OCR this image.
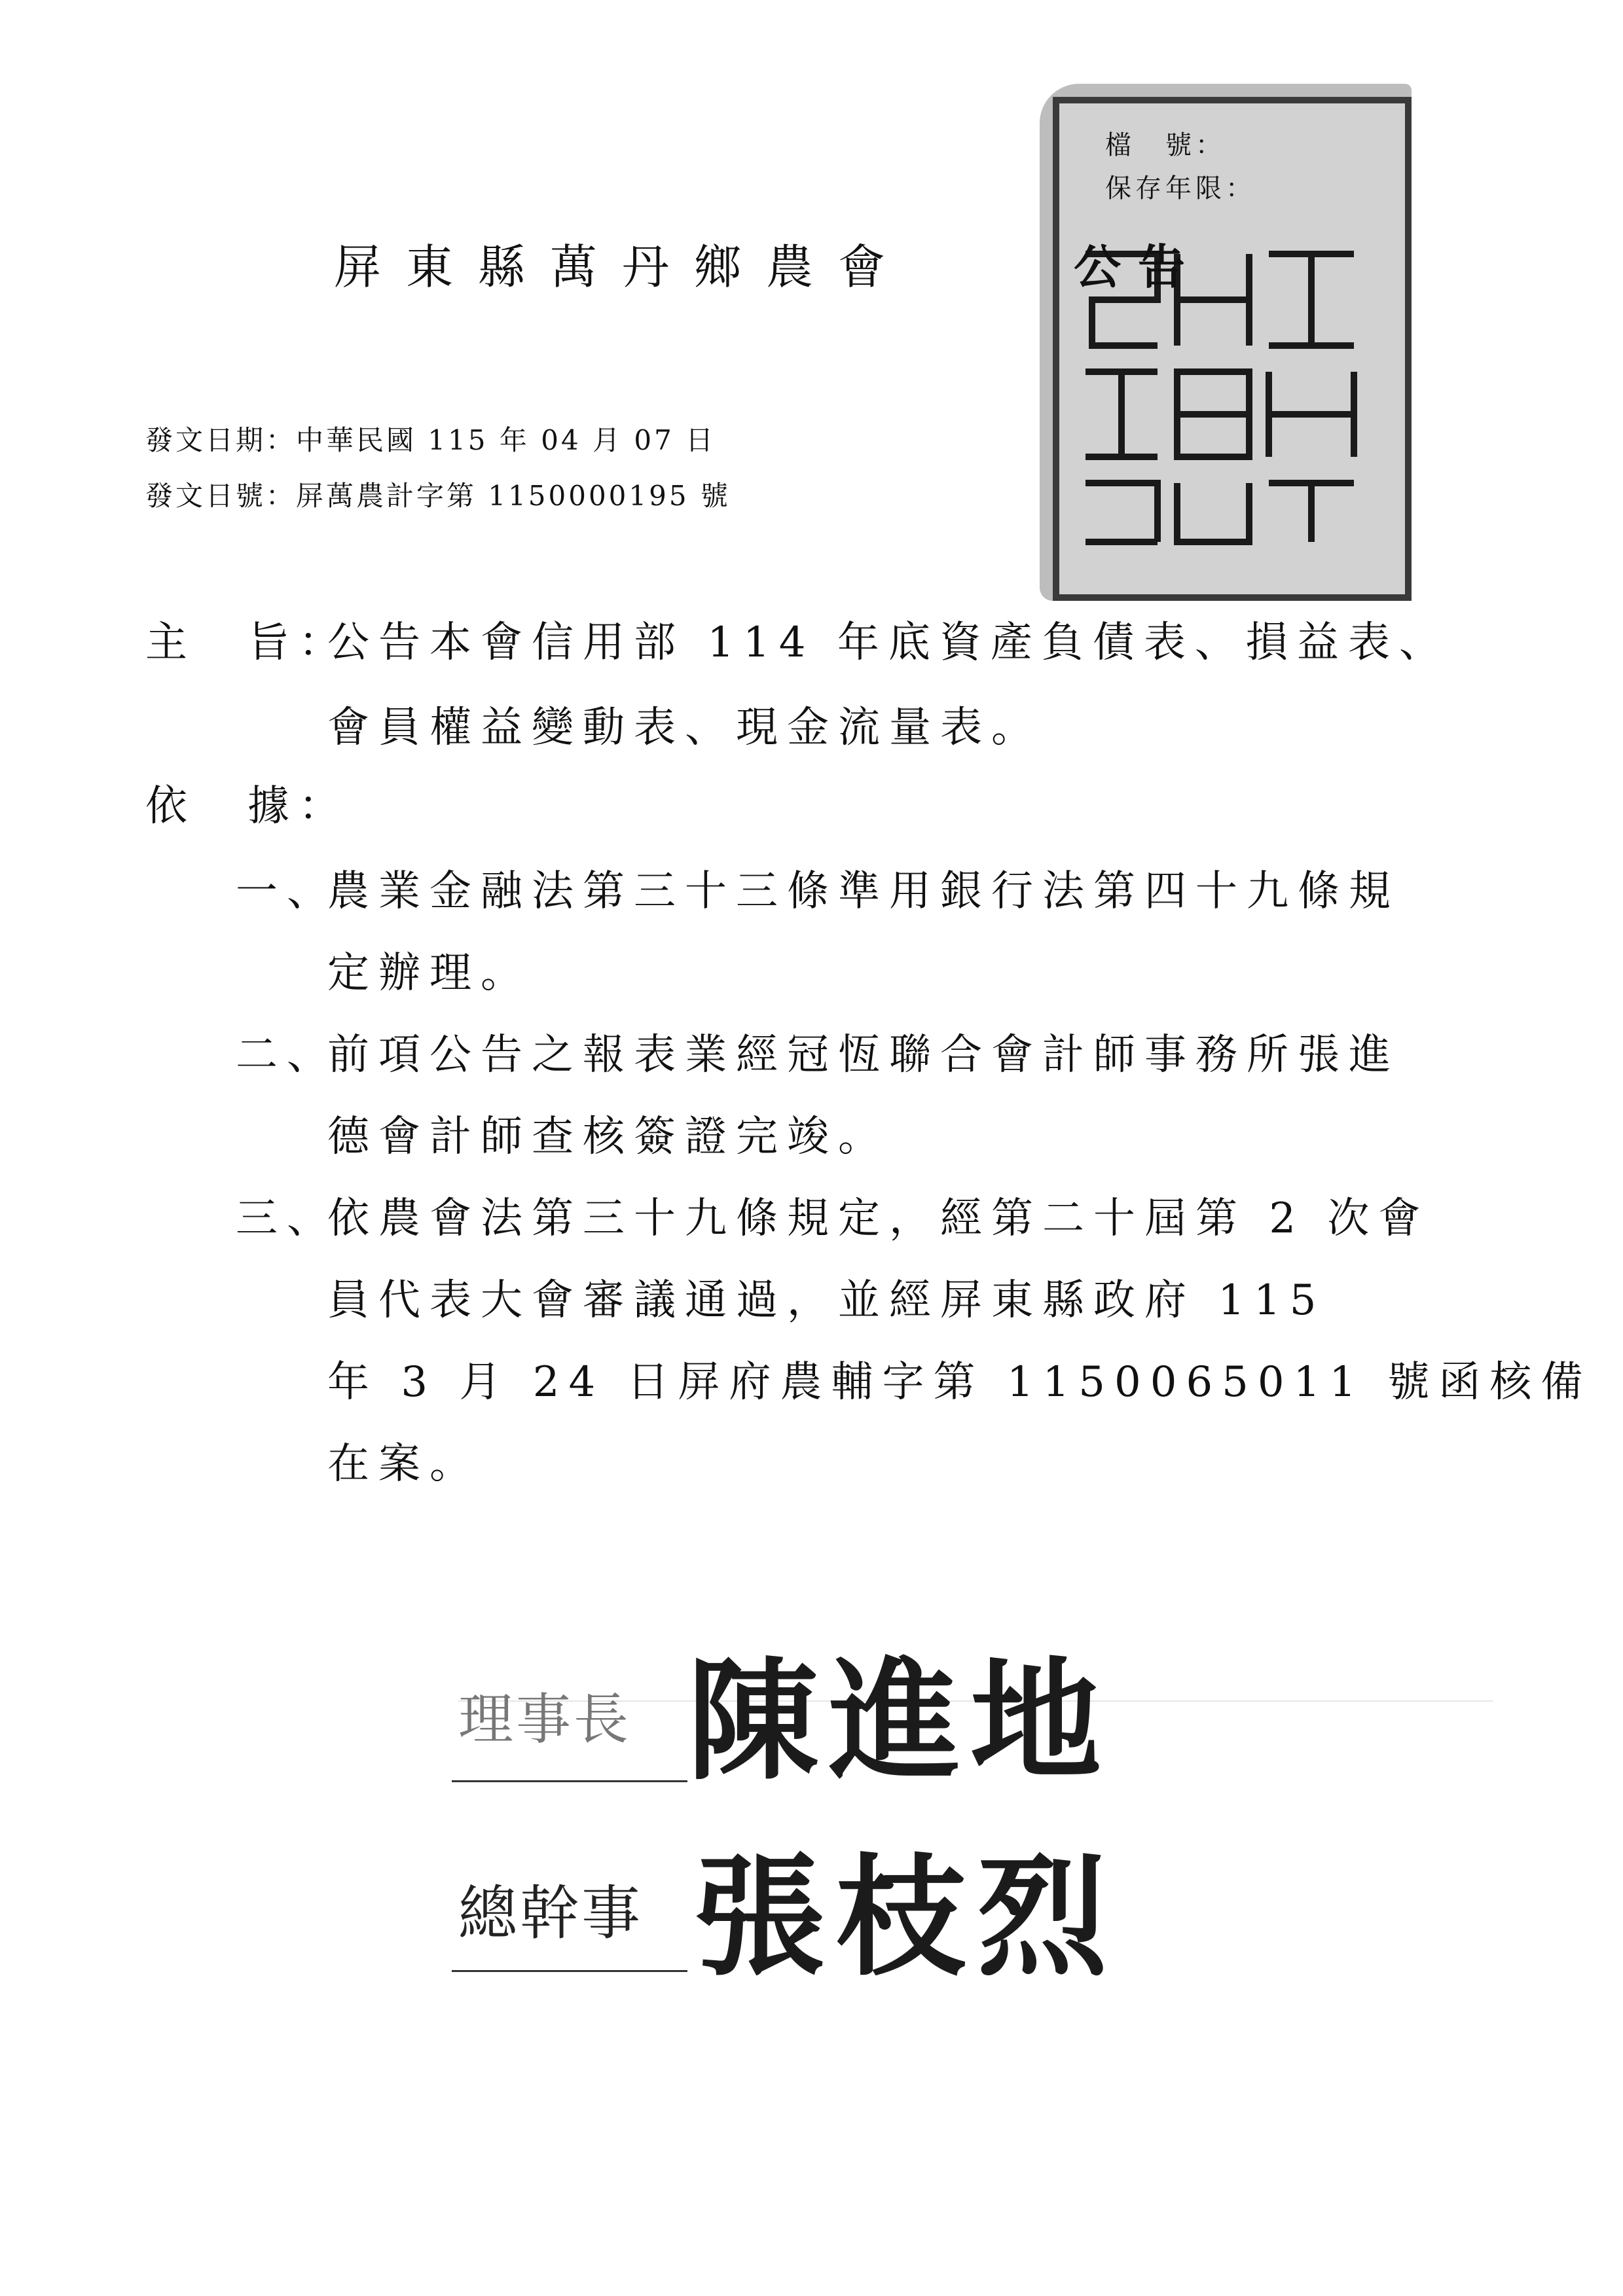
檔　號：
保存年限：
屏東縣萬丹鄉農會	公告
發文日期：中華民國 115 年 04 月 07 日
發文日號：屏萬農計字第 1150000195 號
主　旨：
公告本會信用部 114 年底資產負債表、損益表、
會員權益變動表、現金流量表。
依　據：
一、
農業金融法第三十三條準用銀行法第四十九條規
定辦理。
二、
前項公告之報表業經冠恆聯合會計師事務所張進
德會計師查核簽證完竣。
三、
依農會法第三十九條規定，經第二十屆第 2 次會
員代表大會審議通過，並經屏東縣政府 115
年 3 月 24 日屏府農輔字第 1150065011 號函核備
在案。
理事長 陳進地
總幹事 張枝烈
